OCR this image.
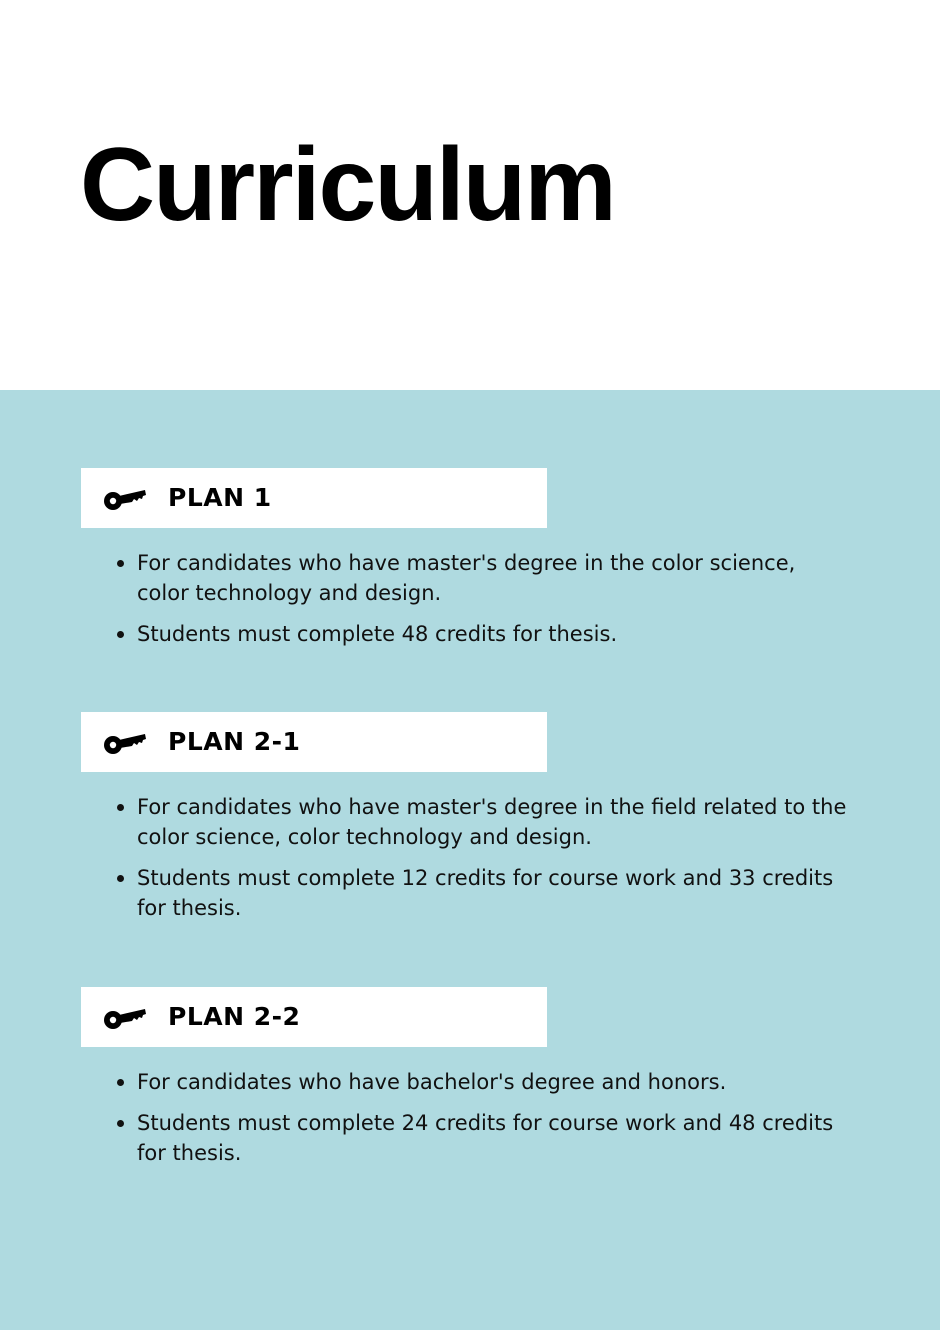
Curriculum
PLAN 1
For candidates who have master's degree in the color science, color technology and design.
Students must complete 48 credits for thesis.
PLAN 2-1
For candidates who have master's degree in the field related to the color science, color technology and design.
Students must complete 12 credits for course work and 33 credits for thesis.
PLAN 2-2
For candidates who have bachelor's degree and honors.
Students must complete 24 credits for course work and 48 credits for thesis.
